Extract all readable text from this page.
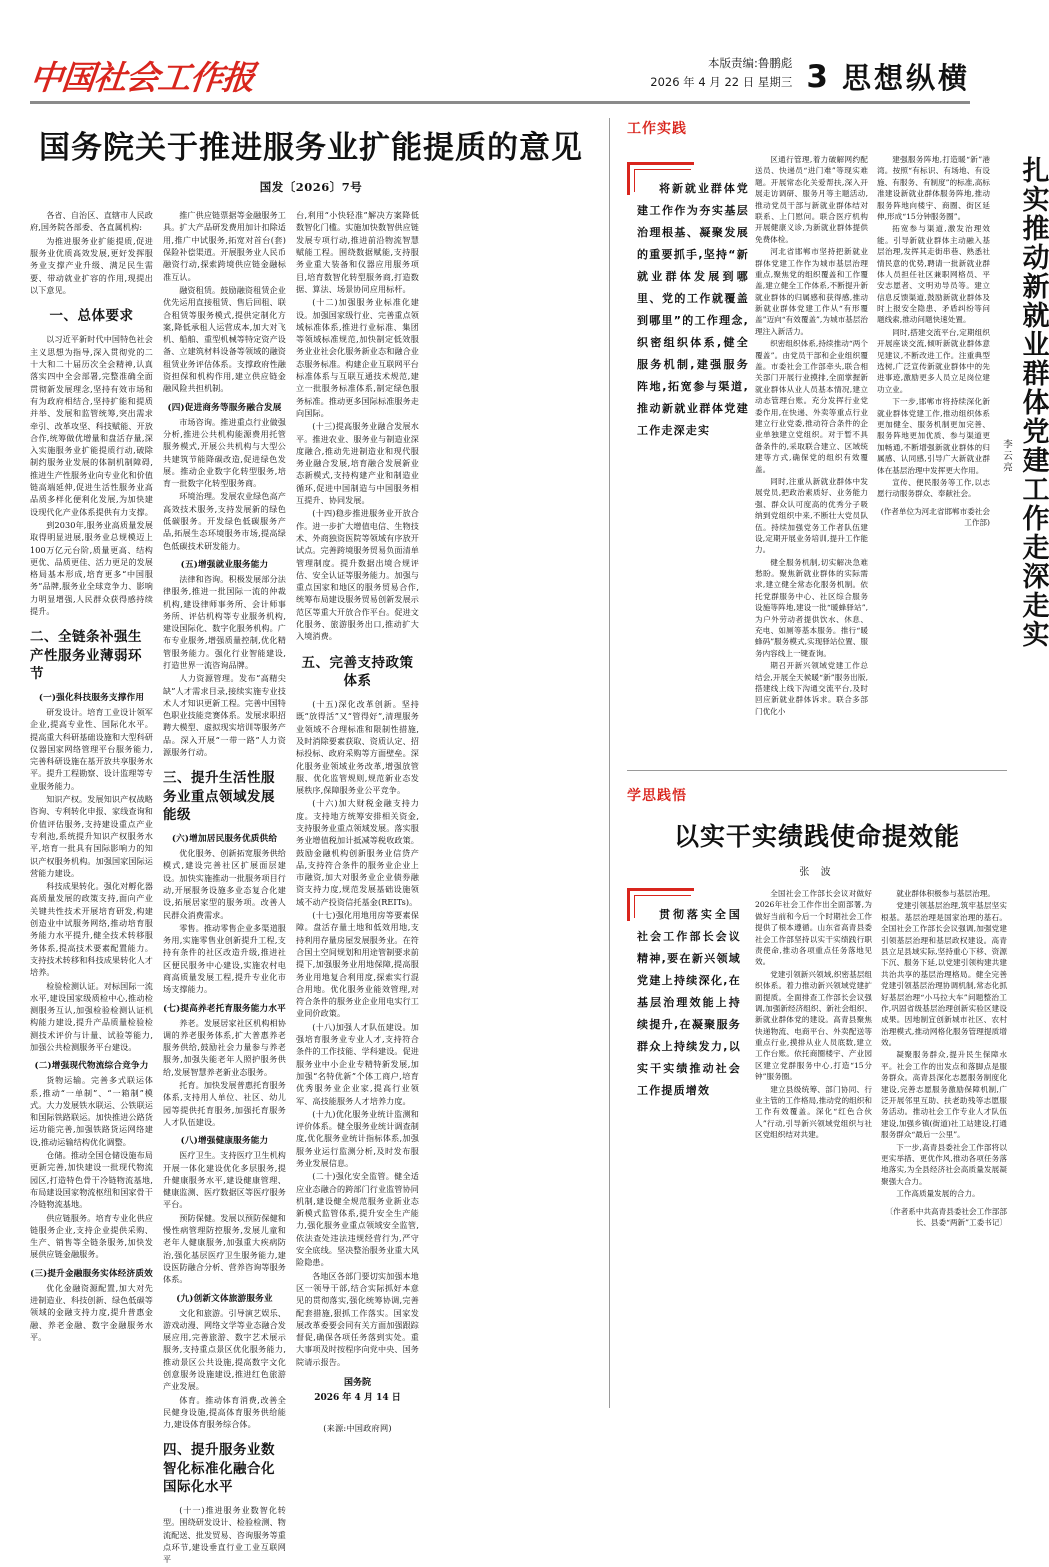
中国社会工作报	本版责编:鲁鹏彪
2026 年 4 月 22 日 星期三 3 思想纵横
国务院关于推进服务业扩能提质的意见
国发〔2026〕7号

各省、自治区、直辖市人民政府,国务院各部委、各直属机构:

为推进服务业扩能提质,促进服务业优质高效发展,更好发挥服务业支撑产业升级、满足民生需要、带动就业扩容的作用,现提出以下意见。

一、总体要求

以习近平新时代中国特色社会主义思想为指导,深入贯彻党的二十大和二十届历次全会精神,认真落实四中全会部署,完整准确全面贯彻新发展理念,坚持有效市场和有为政府相结合,坚持扩能和提质并举、发展和监管统筹,突出需求牵引、改革攻坚、科技赋能、开放合作,统筹做优增量和盘活存量,深入实施服务业扩能提质行动,破除制约服务业发展的体制机制障碍,推进生产性服务业向专业化和价值链高端延伸,促进生活性服务业高品质多样化便利化发展,为加快建设现代化产业体系提供有力支撑。

到2030年,服务业高质量发展取得明显进展,服务业总规模迈上100万亿元台阶,质量更高、结构更优、品质更佳、活力更足的发展格局基本形成,培育更多“中国服务”品牌,服务业全球竞争力、影响力明显增强,人民群众获得感持续提升。

二、全链条补强生产性服务业薄弱环节
(一)强化科技服务支撑作用

研发设计。培育工业设计领军企业,提高专业性、国际化水平。提高重大科研基础设施和大型科研仪器国家网络管理平台服务能力,完善科研设施在基开放共享服务水平。提升工程勘察、设计监理等专业服务能力。

知识产权。发展知识产权战略咨询、专利转化申报、家线查询和价值评估服务,支持建设重点产业专利池,系统提升知识产权服务水平,培育一批具有国际影响力的知识产权服务机构。加强国家国际运营能力建设。

科技成果转化。强化对孵化器高质量发展的政策支持,面向产业关键共性技术开展培育研发,构建创造业中试服务网络,推动培育服务能力水平提升,健全技术转移服务体系,提高技术要素配置能力。支持技术转移和科技成果转化人才培养。

检验检测认证。对标国际一流水平,建设国家级质检中心,推动检测服务互认,加强检验检测认证机构能力建设,提升产品质量检验检测技术评价与计量、试验等能力,加强公共检测服务平台建设。

(二)增强现代物流综合竞争力

货物运输。完善多式联运体系,推动“一单制”、“一箱制”模式。大力发展铁水联运、公铁联运和国际铁路联运。加快推进公路货运功能完善,加强铁路货运网络建设,推动运输结构优化调整。

仓储。推动全国仓储设施布局更新完善,加快建设一批现代物流园区,打造特色骨干冷链物流基地,布局建设国家物流枢纽和国家骨干冷链物流基地。

供应链服务。培育专业化供应链服务企业,支持企业提供采购、生产、销售等全链条服务,加快发展供应链金融服务。

(三)提升金融服务实体经济质效

优化金融资源配置,加大对先进制造业、科技创新、绿色低碳等领域的金融支持力度,提升普惠金融、养老金融、数字金融服务水平。

推广供应链票据等金融服务工具。扩大产品研发费用加计扣除适用,推广中试服务,拓宽对首台(套)保险补偿渠道。开展服务业人民币融资行动,探索跨境供应链金融标准互认。

融资租赁。鼓励融资租赁企业优先运用直接租赁、售后回租、联合租赁等服务模式,提供定制化方案,降低承租人运营成本,加大对飞机、船舶、重型机械等特定资产设备、立建筑材料设备等领域的融资租赁业务评估体系。支撑政府性融资担保和机构作用,建立供应链金融风险共担机制。

(四)促进商务等服务融合发展

市场咨询。推进重点行业做强分析,推进公共机构能源费用托管服务模式,开展公共机构与大型公共建筑节能降碳改造,促进绿色发展。推动企业数字化转型服务,培育一批数字化转型服务商。

环境治理。发展农业绿色高产高效技术服务,支持发展新的绿色低碳服务。开发绿色低碳服务产品,拓展生态环境服务市场,提高绿色低碳技术研发能力。

(五)增强就业服务能力

法律和咨询。积极发展部分法律服务,推进一批国际一流的仲裁机构,建设律师事务所、会计师事务所、评估机构等专业服务机构,建设国际化、数字化服务机构。广布专业服务,增强质量控制,优化精管服务能力。强化行业智能建设,打造世界一流咨询品牌。

人力资源管理。发布“高精尖缺”人才需求目录,接续实施专业技术人才知识更新工程。完善中国特色职业技能竞赛体系。发展求职招聘大模型、虚拟现实培训等服务产品。深入开展“一带一路”人力资源服务行动。

三、提升生活性服务业重点领域发展能级
(六)增加居民服务优质供给

优化服务、创新拓宽服务供给模式,建设完善社区扩展面层建设。加快实施推动一批服务项目行动,开展服务设施多业态复合化建设,拓展居家型的服务项。改善人民群众消费需求。

零售。推动零售企业多渠道服务用,实施零售业创新提升工程,支持有条件的社区改造升级,推进社区便民服务中心建设,实施农村电商高质量发展工程,提升专业化市场支撑能力。

(七)提高养老托育服务能力水平

养老。发展居家社区机构相协调的养老服务体系,扩大普惠养老服务供给,鼓励社会力量参与养老服务,加强失能老年人照护服务供给,发展智慧养老新业态服务。

托育。加快发展普惠托育服务体系,支持用人单位、社区、幼儿园等提供托育服务,加强托育服务人才队伍建设。

(八)增强健康服务能力

医疗卫生。支持医疗卫生机构开展一体化建设优化多层服务,提升健康服务水平,建设健康管理、健康监测、医疗数据区等医疗服务平台。

预防保健。发展以预防保健和慢性病管理防控服务,发展儿童和老年人健康服务,加强重大疾病防治,强化基层医疗卫生服务能力,建设医防融合分析、营养咨询等服务体系。

(九)创新文体旅游服务业

文化和旅游。引导演艺娱乐、游戏动漫、网络文学等业态融合发展应用,完善旅游、数字艺术展示服务,支持重点景区优化服务能力,推动景区公共设施,提高数字文化创意服务设施建设,推进红色旅游产业发展。

体育。推动体育消费,改善全民健身设施,提高体育服务供给能力,建设体育服务综合体。

四、提升服务业数智化标准化融合化国际化水平

(十一)推进服务业数智化转型。围绕研发设计、检验检测、物流配送、批发贸易、咨询服务等重点环节,建设垂直行业工业互联网平

台,利用“小快轻准”解决方案降低数智化门槛。实施加快数智供应链发展专项行动,推进前沿物流智慧赋能工程。围绕数据赋能,支持服务业重大装备和仪器应用服务项目,培育数智化转型服务商,打造数据、算法、场景协同应用标杆。

(十二)加强服务业标准化建设。加强国家级行业、完善重点领域标准体系,推进行业标准、集团等领域标准规范,加快制定低效服务业业社会化服务新业态和融合业态服务标准。构建企业互联网平台标准体系与互联互通技术规范,建立一批服务标准体系,制定绿色服务标准。推动更多国际标准服务走向国际。

(十三)提高服务业融合发展水平。推进农业、服务业与制造业深度融合,推动先进制造业和现代服务业融合发展,培育融合发展新业态新模式,支持构建产业和制造业循环,促进中国制造与中国服务相互提升、协同发展。

(十四)稳步推进服务业开放合作。进一步扩大增值电信、生物技术、外商独资医院等领域有序放开试点。完善跨境服务贸易负面清单管理制度。提升数据出境合规评估、安全认证等服务能力。加强与重点国家和地区的服务贸易合作,统筹布局建设服务贸易创新发展示范区等重大开放合作平台。促进文化服务、旅游服务出口,推动扩大入境消费。

五、完善支持政策体系

(十五)深化改革创新。坚持既“放得活”又“管得好”,清理服务业领域不合理标准和限制性措施,及时消除要素获取、资质认定、招标投标、政府采购等方面壁垒。深化服务业领域业务改革,增强放管服、优化监管规则,规范新业态发展秩序,保障服务业公平竞争。

(十六)加大财税金融支持力度。支持地方统筹安排相关资金,支持服务业重点领域发展。落实服务业增值税加计抵减等税收政策。鼓励金融机构创新服务业信贷产品,支持符合条件的服务业企业上市融资,加大对服务业企业债券融资支持力度,规范发展基础设施领域不动产投资信托基金(REITs)。

(十七)强化用地用房等要素保障。盘活存量土地和低效用地,支持利用存量房屋发展服务业。在符合国土空间规划和用途管制要求前提下,加强服务业用地保障,提高服务业用地复合利用度,探索实行混合用地。优化服务业能效管理,对符合条件的服务业企业用电实行工业同价政策。

(十八)加强人才队伍建设。加强培育服务业专业人才,支持符合条件的工作技能、学科建设。促进服务业中小企业专精特新发展,加加强“名特优新”个体工商户,培育优秀服务业企业家,提高行业领军、高技能服务人才培养力度。

(十九)优化服务业统计监测和评价体系。健全服务业统计调查制度,优化服务业统计指标体系,加强服务业运行监测分析,及时发布服务业发展信息。

(二十)强化安全监管。健全适应业态融合的跨部门行业监管协同机制,建设健全规范服务业新业态新模式监管体系,提升安全生产能力,强化服务业重点领域安全监管,依法查处违法违规经营行为,严守安全底线。坚决整治服务业重大风险隐患。

各地区各部门要切实加强本地区一领导干部,结合实际抓好本意见的贯彻落实,强化统筹协调,完善配套措施,狠抓工作落实。国家发展改革委要会同有关方面加强跟踪督促,确保各项任务落到实处。重大事项及时按程序向党中央、国务院请示报告。

国务院
2026 年 4 月 14 日
(来源:中国政府网)
工作实践
将新就业群体党建工作作为夯实基层治理根基、凝聚发展的重要抓手,坚持“新就业群体发展到哪里、党的工作就覆盖到哪里”的工作理念,织密组织体系,健全服务机制,建强服务阵地,拓宽参与渠道,推动新就业群体党建工作走深走实

区通行管理,着力破解网约配送员、快递员“进门难”等现实难题。开展常态化关爱帮扶,深入开展走访调研、服务月等主题活动,推动党员干部与新就业群体结对联系、上门慰问。联合医疗机构开展健康义诊,为新就业群体提供免费体检。

河北省邯郸市坚持把新就业群体党建工作作为城市基层治理重点,聚焦党的组织覆盖和工作覆盖,建立健全工作体系,不断提升新就业群体的归属感和获得感,推动新就业群体党建工作从“有形覆盖”迈向“有效覆盖”,为城市基层治理注入新活力。

织密组织体系,持续推动“两个覆盖”。由党员干部和企业组织覆盖。市委社会工作部牵头,联合相关部门开展行业摸排,全面掌握新就业群体从业人员基本情况,建立动态管理台账。充分发挥行业党委作用,在快递、外卖等重点行业建立行业党委,推动符合条件的企业单独建立党组织。对于暂不具备条件的,采取联合建立、区域统建等方式,确保党的组织有效覆盖。

同时,注重从新就业群体中发展党员,把政治素质好、业务能力强、群众认可度高的优秀分子吸纳到党组织中来,不断壮大党员队伍。持续加强党务工作者队伍建设,定期开展业务培训,提升工作能力。

健全服务机制,切实解决急难愁盼。聚焦新就业群体的实际需求,建立健全常态化服务机制。依托党群服务中心、社区综合服务设施等阵地,建设一批“暖蜂驿站”,为户外劳动者提供饮水、休息、充电、如厕等基本服务。推行“暖蜂码”服务模式,实现驿站位置、服务内容线上一键查询。

期召开新兴领域党建工作总结会,开展全天候暖“新”服务出版,搭建线上线下沟通交流平台,及时回应新就业群体诉求。联合多部门优化小

建强服务阵地,打造暖“新”港湾。按照“有标识、有场地、有设施、有服务、有制度”的标准,高标准建设新就业群体服务阵地,推动服务阵地向楼宇、商圈、街区延伸,形成“15分钟服务圈”。

拓宽参与渠道,激发治理效能。引导新就业群体主动融入基层治理,发挥其走街串巷、熟悉社情民意的优势,聘请一批新就业群体人员担任社区兼职网格员、平安志愿者、文明劝导员等。建立信息反馈渠道,鼓励新就业群体及时上报安全隐患、矛盾纠纷等问题线索,推动问题快速处置。

同时,搭建交流平台,定期组织开展座谈交流,倾听新就业群体意见建议,不断改进工作。注重典型选树,广泛宣传新就业群体中的先进事迹,激励更多人员立足岗位建功立业。

下一步,邯郸市将持续深化新就业群体党建工作,推动组织体系更加健全、服务机制更加完善、服务阵地更加优质、参与渠道更加畅通,不断增强新就业群体的归属感、认同感,引导广大新就业群体在基层治理中发挥更大作用。

宣传、便民服务等工作,以志愿行动服务群众、奉献社会。

(作者单位为河北省邯郸市委社会工作部)
李云亮 扎实推动新就业群体党建工作走深走实
学思践悟
以实干实绩践使命提效能
张 波
贯彻落实全国社会工作部长会议精神,要在新兴领域党建上持续深化,在基层治理效能上持续提升,在凝聚服务群众上持续发力,以实干实绩推动社会工作提质增效

全国社会工作部长会议对做好2026年社会工作作出全面部署,为做好当前和今后一个时期社会工作提供了根本遵循。山东省高青县委社会工作部坚持以实干实绩践行职责使命,推动各项重点任务落地见效。

党建引领新兴领域,织密基层组织体系。着力推动新兴领域党建扩面提质。全面排查工作部长会议强调,加强新经济组织、新社会组织、新就业群体党的建设。高青县聚焦快递物流、电商平台、外卖配送等重点行业,摸排从业人员底数,建立工作台账。依托商圈楼宇、产业园区建立党群服务中心,打造“15分钟”服务圈。

建立县级统筹、部门协同、行业主管的工作格局,推动党的组织和工作有效覆盖。深化“红色合伙人”行动,引导新兴领域党组织与社区党组织结对共建。

就业群体积极参与基层治理。

党建引领基层治理,筑牢基层坚实根基。基层治理是国家治理的基石。全国社会工作部长会议强调,加强党建引领基层治理和基层政权建设。高青县立足县域实际,坚持重心下移、资源下沉、服务下延,以党建引领构建共建共治共享的基层治理格局。健全完善党建引领基层治理协调机制,常态化抓好基层治理“小马拉大车”问题整治工作,巩固省级基层治理创新实验区建设成果。因地制宜创新城市社区、农村治理模式,推动网格化服务管理提质增效。

凝聚服务群众,提升民生保障水平。社会工作的出发点和落脚点是服务群众。高青县深化志愿服务制度化建设,完善志愿服务激励保障机制,广泛开展邻里互助、扶老助残等志愿服务活动。推动社会工作专业人才队伍建设,加强乡镇(街道)社工站建设,打通服务群众“最后一公里”。

下一步,高青县委社会工作部将以更实举措、更优作风,推动各项任务落地落实,为全县经济社会高质量发展凝聚强大合力。

工作高质量发展的合力。

〔作者系中共高青县委社会工作部部长、县委“两新”工委书记〕
